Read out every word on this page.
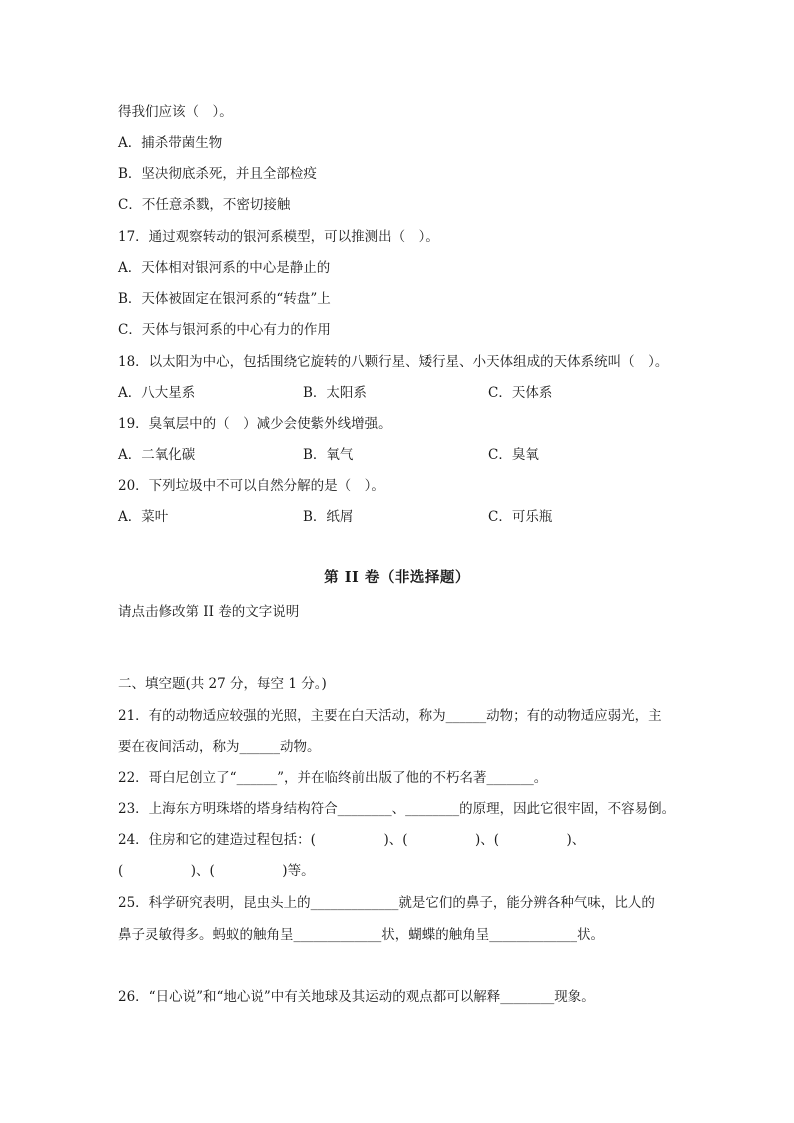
得我们应该（　）。
A．捕杀带菌生物
B．坚决彻底杀死，并且全部检疫
C．不任意杀戮，不密切接触
17．通过观察转动的银河系模型，可以推测出（　）。
A．天体相对银河系的中心是静止的
B．天体被固定在银河系的“转盘”上
C．天体与银河系的中心有力的作用
18．以太阳为中心，包括围绕它旋转的八颗行星、矮行星、小天体组成的天体系统叫（　）。
A．八大星系	B．太阳系	C．天体系
19．臭氧层中的（　）减少会使紫外线增强。
A．二氧化碳	B．氧气	C．臭氧
20．下列垃圾中不可以自然分解的是（　）。
A．菜叶	B．纸屑	C．可乐瓶
第 II 卷（非选择题）
请点击修改第 II 卷的文字说明
二、填空题(共 27 分，每空 1 分。)
21．有的动物适应较强的光照，主要在白天活动，称为______动物；有的动物适应弱光，主
要在夜间活动，称为______动物。
22．哥白尼创立了“______”，并在临终前出版了他的不朽名著_______。
23．上海东方明珠塔的塔身结构符合________、________的原理，因此它很牢固，不容易倒。
24．住房和它的建造过程包括：(　　　　　)、(　　　　　)、(　　　　　)、
(　　　　　)、(　　　　　)等。
25．科学研究表明，昆虫头上的_____________就是它们的鼻子，能分辨各种气味，比人的
鼻子灵敏得多。蚂蚁的触角呈_____________状，蝴蝶的触角呈_____________状。
26．“日心说”和“地心说”中有关地球及其运动的观点都可以解释________现象。
